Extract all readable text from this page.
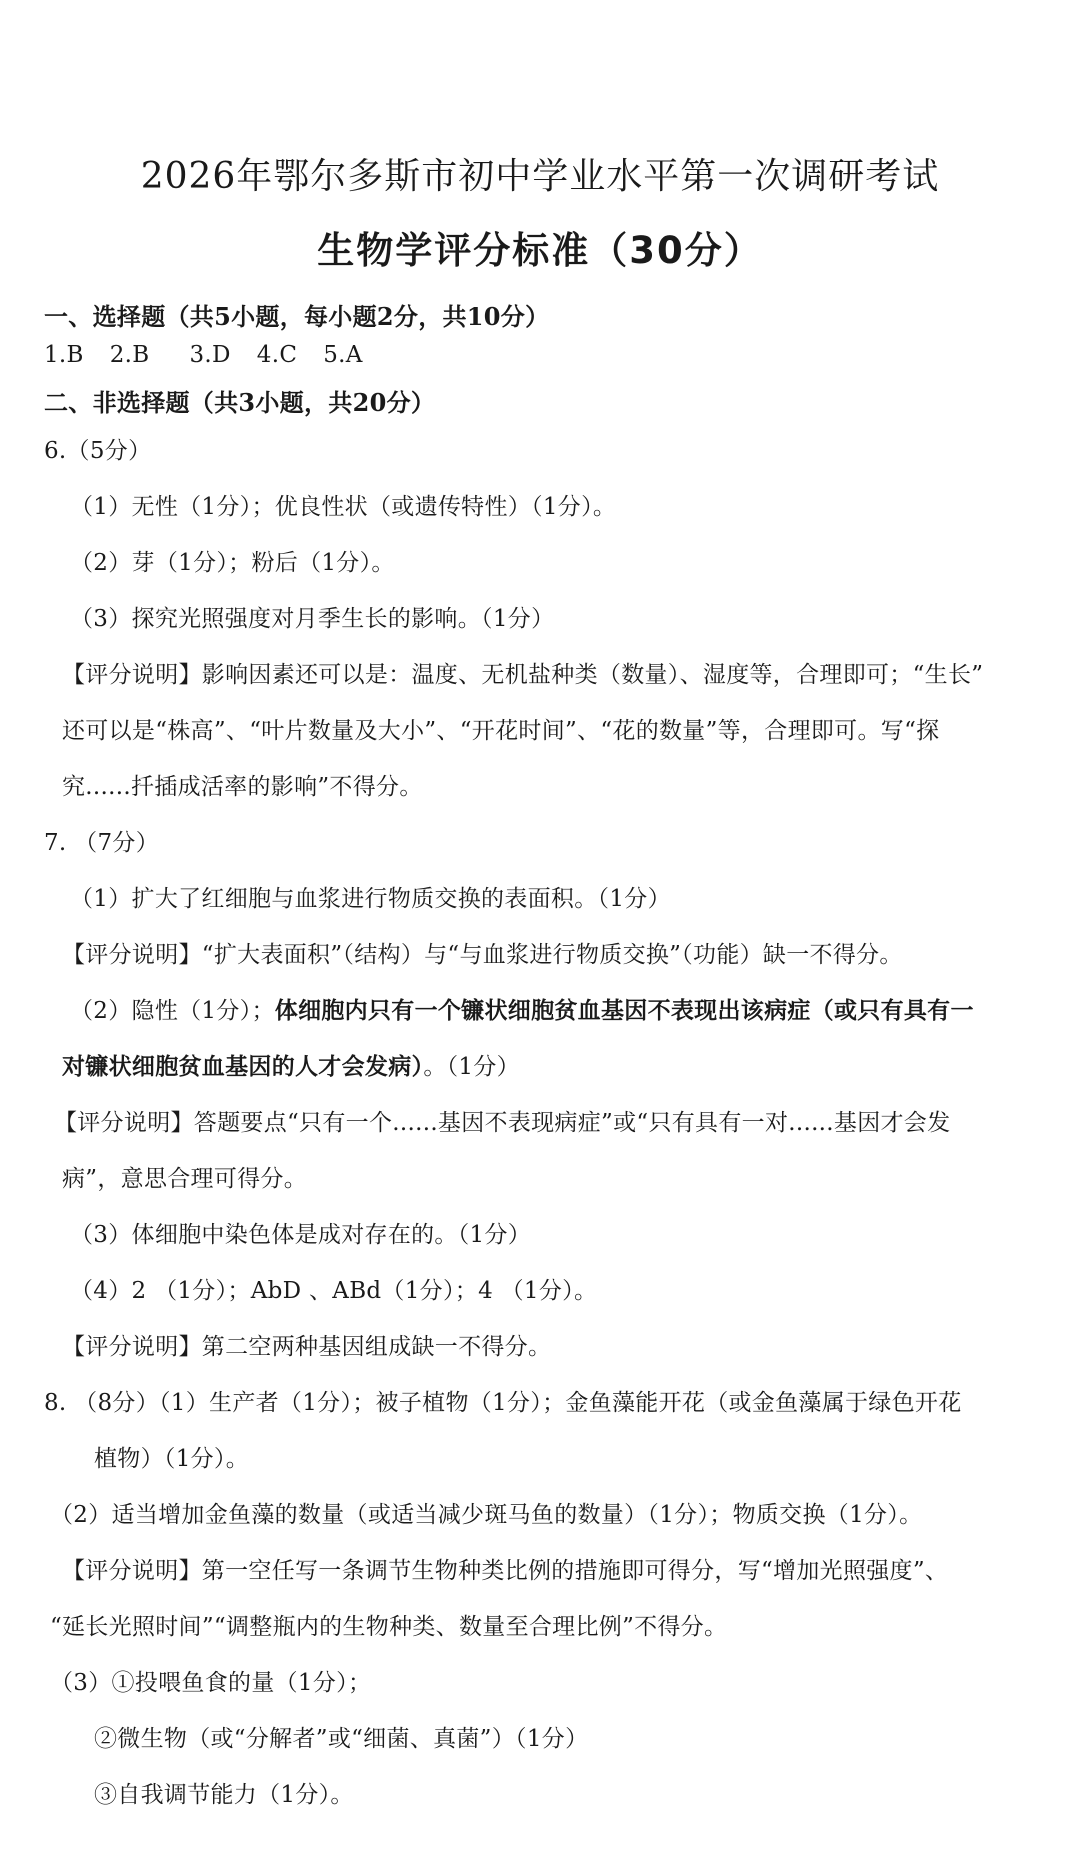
2026年鄂尔多斯市初中学业水平第一次调研考试
生物学评分标准（30分）
一、选择题（共5小题，每小题2分，共10分）
1.B 2.B 3.D 4.C 5.A
二、非选择题（共3小题，共20分）
6.（5分）
（1）无性（1分）；优良性状（或遗传特性）（1分）。
（2）芽（1分）；粉后（1分）。
（3）探究光照强度对月季生长的影响。（1分）
【评分说明】影响因素还可以是：温度、无机盐种类（数量）、湿度等，合理即可；“生长”
还可以是“株高”、“叶片数量及大小”、“开花时间”、“花的数量”等，合理即可。写“探
究......扦插成活率的影响”不得分。
7. （7分）
（1）扩大了红细胞与血浆进行物质交换的表面积。（1分）
【评分说明】“扩大表面积”（结构）与“与血浆进行物质交换”（功能）缺一不得分。
（2）隐性（1分）；体细胞内只有一个镰状细胞贫血基因不表现出该病症（或只有具有一
对镰状细胞贫血基因的人才会发病）。（1分）
【评分说明】答题要点“只有一个......基因不表现病症”或“只有具有一对......基因才会发
病”，意思合理可得分。
（3）体细胞中染色体是成对存在的。（1分）
（4）2 （1分）；AbD 、ABd（1分）；4 （1分）。
【评分说明】第二空两种基因组成缺一不得分。
8. （8分）（1）生产者（1分）；被子植物（1分）；金鱼藻能开花（或金鱼藻属于绿色开花
植物）（1分）。
（2）适当增加金鱼藻的数量（或适当减少斑马鱼的数量）（1分）；物质交换（1分）。
【评分说明】第一空任写一条调节生物种类比例的措施即可得分，写“增加光照强度”、
“延长光照时间”“调整瓶内的生物种类、数量至合理比例”不得分。
（3）①投喂鱼食的量（1分）；
②微生物（或“分解者”或“细菌、真菌”）（1分）
③自我调节能力（1分）。
